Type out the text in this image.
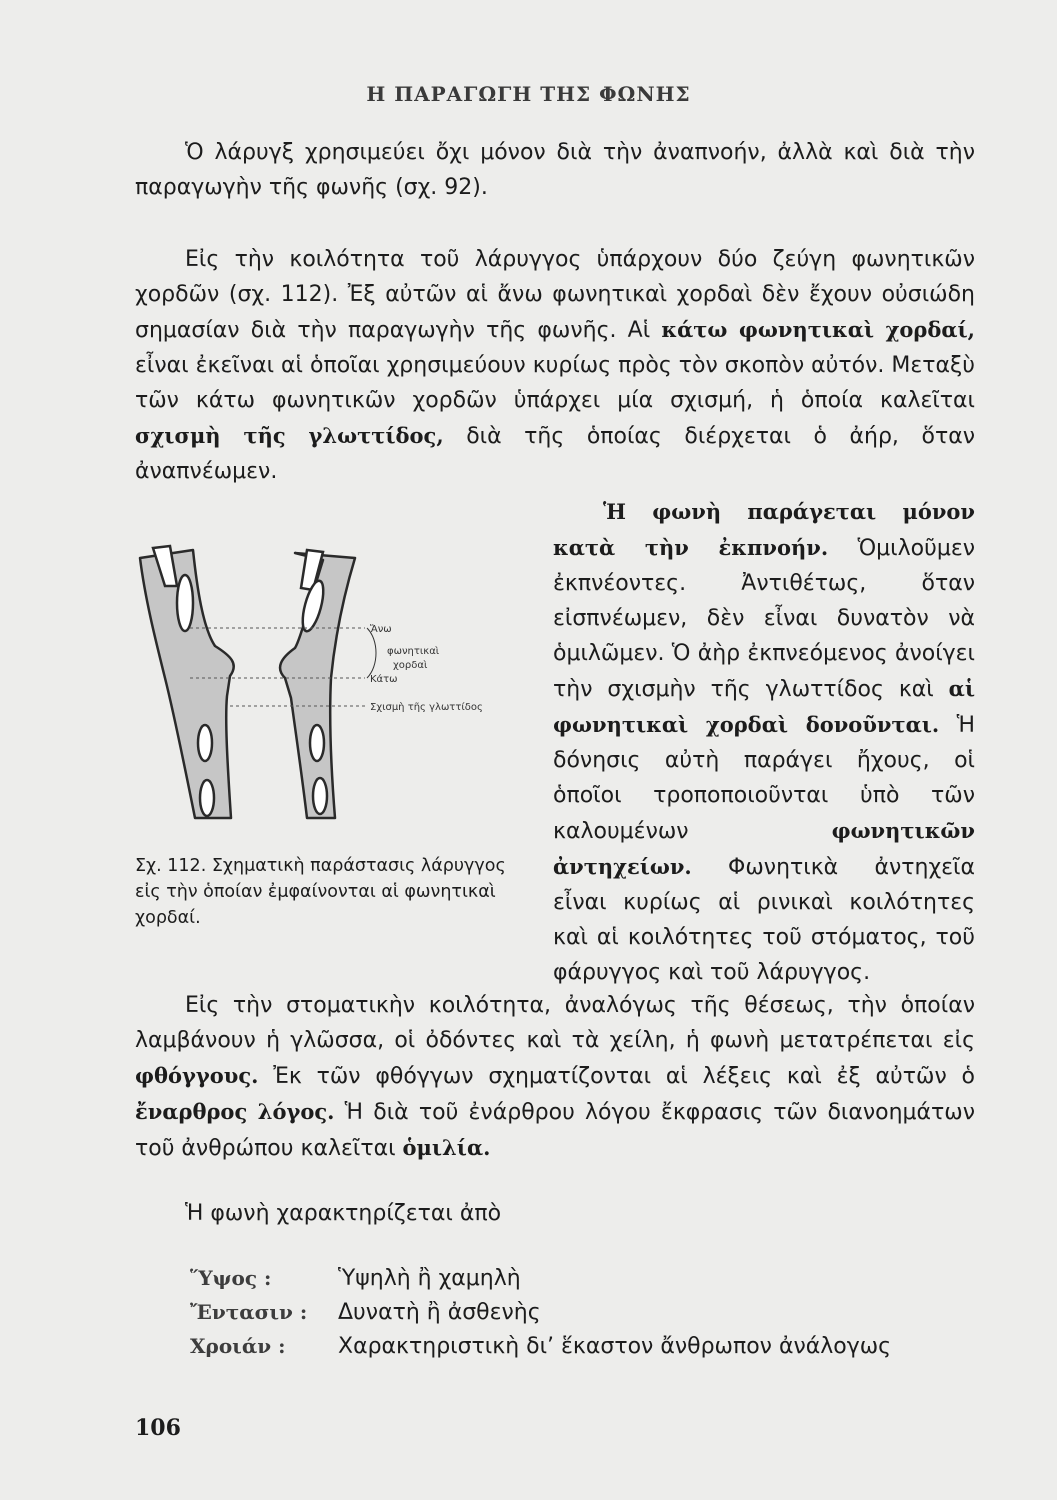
Η ΠΑΡΑΓΩΓΗ ΤΗΣ ΦΩΝΗΣ

Ὁ λάρυγξ χρησιμεύει ὄχι μόνον διὰ τὴν ἀναπνοήν, ἀλλὰ καὶ διὰ τὴν παραγωγὴν τῆς φωνῆς (σχ. 92).

Εἰς τὴν κοιλότητα τοῦ λάρυγγος ὑπάρχουν δύο ζεύγη φωνητικῶν χορδῶν (σχ. 112). Ἐξ αὐτῶν αἱ ἄνω φωνητικαὶ χορδαὶ δὲν ἔχουν οὐσιώδη σημασίαν διὰ τὴν παραγωγὴν τῆς φωνῆς. Αἱ κάτω φωνητικαὶ χορδαί, εἶναι ἐκεῖναι αἱ ὁποῖαι χρησιμεύουν κυρίως πρὸς τὸν σκοπὸν αὐτόν. Μεταξὺ τῶν κάτω φωνητικῶν χορδῶν ὑπάρχει μία σχισμή, ἡ ὁποία καλεῖται σχισμὴ τῆς γλωττίδος, διὰ τῆς ὁποίας διέρχεται ὁ ἀήρ, ὅταν ἀναπνέωμεν.

Ἡ φωνὴ παράγεται μόνον κατὰ τὴν ἐκπνοήν. Ὁμιλοῦμεν ἐκπνέοντες. Ἀντιθέτως, ὅταν εἰσπνέωμεν, δὲν εἶναι δυνατὸν νὰ ὁμιλῶμεν. Ὁ ἀὴρ ἐκπνεόμενος ἀνοίγει τὴν σχισμὴν τῆς γλωττίδος καὶ αἱ φωνητικαὶ χορδαὶ δονοῦνται. Ἡ δόνησις αὐτὴ παράγει ἤχους, οἱ ὁποῖοι τροποποιοῦνται ὑπὸ τῶν καλουμένων φωνητικῶν ἀντηχείων. Φωνητικὰ ἀντηχεῖα εἶναι κυρίως αἱ ρινικαὶ κοιλότητες καὶ αἱ κοιλότητες τοῦ στόματος, τοῦ φάρυγγος καὶ τοῦ λάρυγγος.

Ἄνω
φωνητικαὶ
χορδαὶ
Κάτω
Σχισμὴ τῆς γλωττίδος

Σχ. 112. Σχηματικὴ παράστασις λάρυγγος εἰς τὴν ὁποίαν ἐμφαίνονται αἱ φωνητικαὶ χορδαί.

Εἰς τὴν στοματικὴν κοιλότητα, ἀναλόγως τῆς θέσεως, τὴν ὁποίαν λαμβάνουν ἡ γλῶσσα, οἱ ὀδόντες καὶ τὰ χείλη, ἡ φωνὴ μετατρέπεται εἰς φθόγγους. Ἐκ τῶν φθόγγων σχηματίζονται αἱ λέξεις καὶ ἐξ αὐτῶν ὁ ἔναρθρος λόγος. Ἡ διὰ τοῦ ἐνάρθρου λόγου ἔκφρασις τῶν διανοημάτων τοῦ ἀνθρώπου καλεῖται ὁμιλία.

Ἡ φωνὴ χαρακτηρίζεται ἀπὸ

Ὕψος :	Ὑψηλὴ ἢ χαμηλὴ
Ἔντασιν : Δυνατὴ ἢ ἀσθενὴς
Χροιάν : Χαρακτηριστικὴ δι’ ἕκαστον ἄνθρωπον ἀνάλογως
106
